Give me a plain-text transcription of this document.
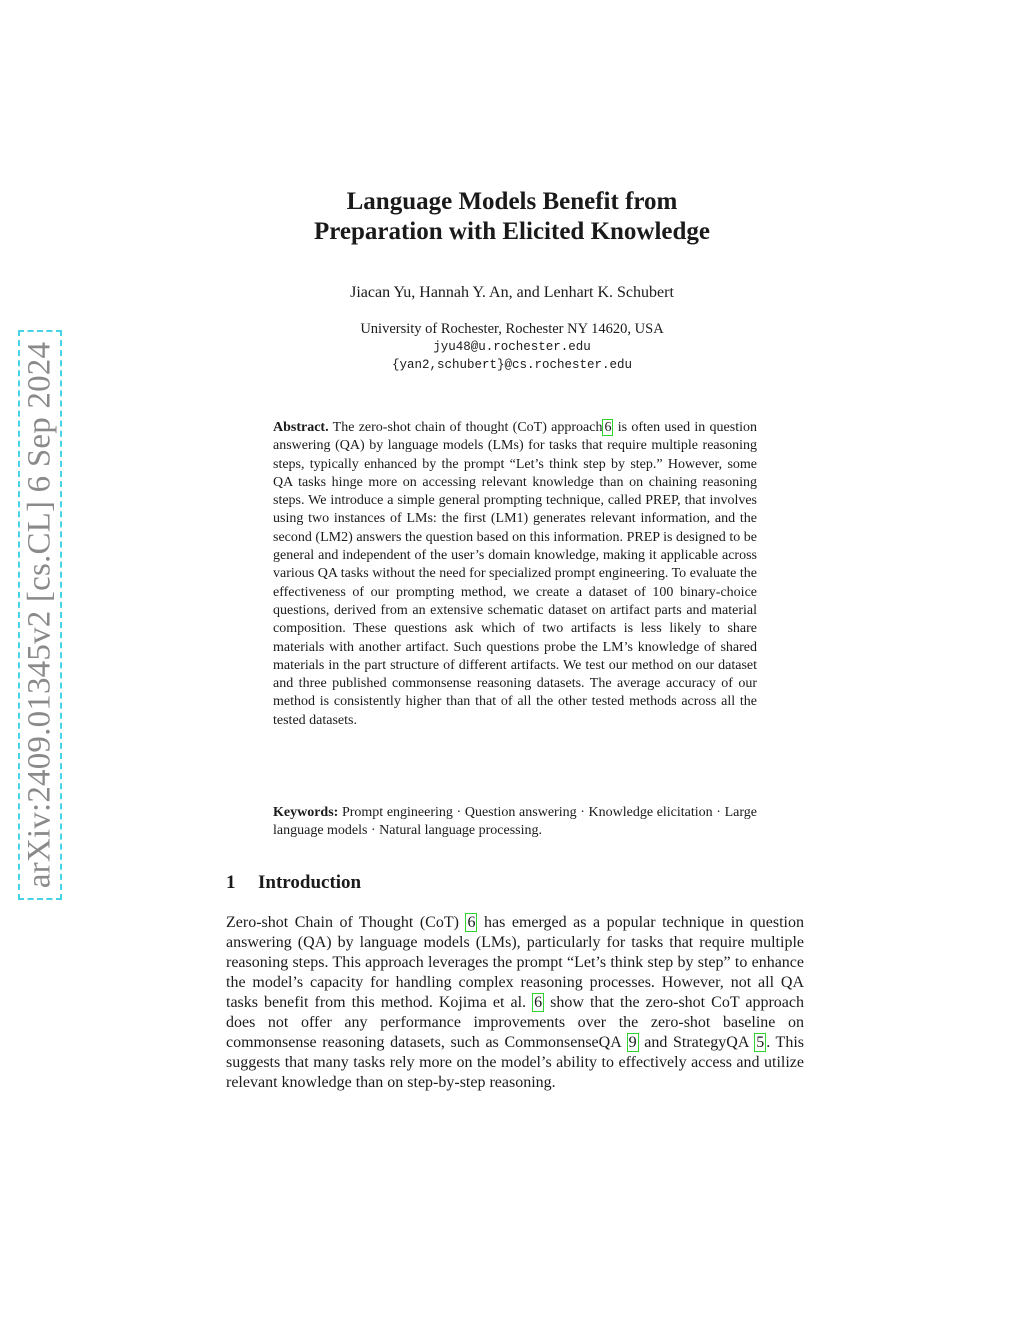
arXiv:2409.01345v2 [cs.CL] 6 Sep 2024
Language Models Benefit from
Preparation with Elicited Knowledge
Jiacan Yu, Hannah Y. An, and Lenhart K. Schubert
University of Rochester, Rochester NY 14620, USA
jyu48@u.rochester.edu
{yan2,schubert}@cs.rochester.edu
Abstract. The zero-shot chain of thought (CoT) approach 6 is often used in question answering (QA) by language models (LMs) for tasks that require multiple reasoning steps, typically enhanced by the prompt “Let’s think step by step.” However, some QA tasks hinge more on accessing relevant knowledge than on chaining reasoning steps. We introduce a simple general prompting technique, called PREP, that involves using two instances of LMs: the first (LM1) generates relevant information, and the second (LM2) answers the question based on this information. PREP is designed to be general and independent of the user’s domain knowledge, making it applicable across various QA tasks without the need for specialized prompt engineering. To evaluate the effectiveness of our prompting method, we create a dataset of 100 binary-choice questions, derived from an extensive schematic dataset on artifact parts and material composition. These questions ask which of two artifacts is less likely to share materials with another artifact. Such questions probe the LM’s knowledge of shared materials in the part structure of different artifacts. We test our method on our dataset and three published commonsense reasoning datasets. The average accuracy of our method is consistently higher than that of all the other tested methods across all the tested datasets.
Keywords: Prompt engineering · Question answering · Knowledge elicitation · Large language models · Natural language processing.
1 Introduction
Zero-shot Chain of Thought (CoT) 6 has emerged as a popular technique in question answering (QA) by language models (LMs), particularly for tasks that require multiple reasoning steps. This approach leverages the prompt “Let’s think step by step” to enhance the model’s capacity for handling complex reasoning processes. However, not all QA tasks benefit from this method. Kojima et al. 6 show that the zero-shot CoT approach does not offer any performance improvements over the zero-shot baseline on commonsense reasoning datasets, such as CommonsenseQA 9 and StrategyQA 5 . This suggests that many tasks rely more on the model’s ability to effectively access and utilize relevant knowledge than on step-by-step reasoning.
